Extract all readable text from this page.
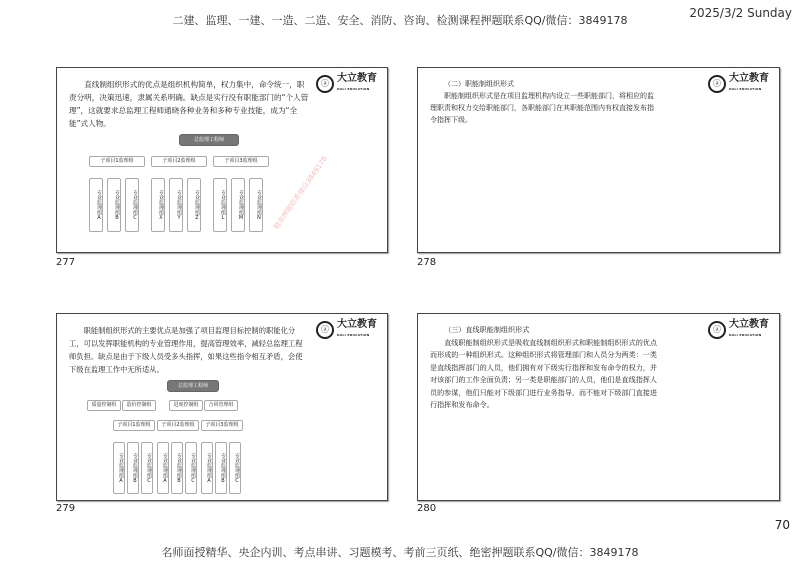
二建、监理、一建、一造、二造、安全、消防、咨询、检测课程押题联系QQ/微信：3849178
2025/3/2 Sunday
ⓐ 大立教育
DALI EDUCATION
直线制组织形式的优点是组织机构简单，权力集中，命令统一，职责分明，决策迅速，隶属关系明确。缺点是实行没有职能部门的“个人管理”，这就要求总监理工程师通晓各种业务和多种专业技能，成为“全能”式人物。
总监理工程师
子项目1监理组
专业监理组A	专业监理组B	专业监理组C
子项目2监理组
专业监理组X	专业监理组Y	专业监理组Z
子项目3监理组
专业监理组L	专业监理组M	专业监理组N 精准押题联系微信3849178
277
ⓐ 大立教育
DALI EDUCATION
（二）职能制组织形式
职能制组织形式是在项目监理机构内设立一些职能部门，将相应的监理职责和权力交给职能部门，各职能部门在其职能范围内有权直接发布指令指挥下级。
278
ⓐ 大立教育
DALI EDUCATION
职能制组织形式的主要优点是加强了项目监理目标控制的职能化分工，可以发挥职能机构的专业管理作用，提高管理效率，减轻总监理工程师负担。缺点是由于下级人员受多头指挥，如果这些指令相互矛盾，会使下级在监理工作中无所适从。
总监理工程师
质量控制组	造价控制组	进度控制组	合同管理组
子项目1监理组
专业监理组A	专业监理组B	专业监理组C
子项目2监理组
专业监理组A	专业监理组B	专业监理组C
子项目3监理组
专业监理组A	专业监理组B	专业监理组C
279
ⓐ 大立教育
DALI EDUCATION
（三）直线职能制组织形式
直线职能制组织形式是吸收直线制组织形式和职能制组织形式的优点而形成的一种组织形式。这种组织形式将管理部门和人员分为两类：一类是直线指挥部门的人员，他们拥有对下级实行指挥和发布命令的权力，并对该部门的工作全面负责；另一类是职能部门的人员，他们是直线指挥人员的参谋，他们只能对下级部门进行业务指导，而不能对下级部门直接进行指挥和发布命令。
280
70
名师面授精华、央企内训、考点串讲、习题模考、考前三页纸、绝密押题联系QQ/微信：3849178
